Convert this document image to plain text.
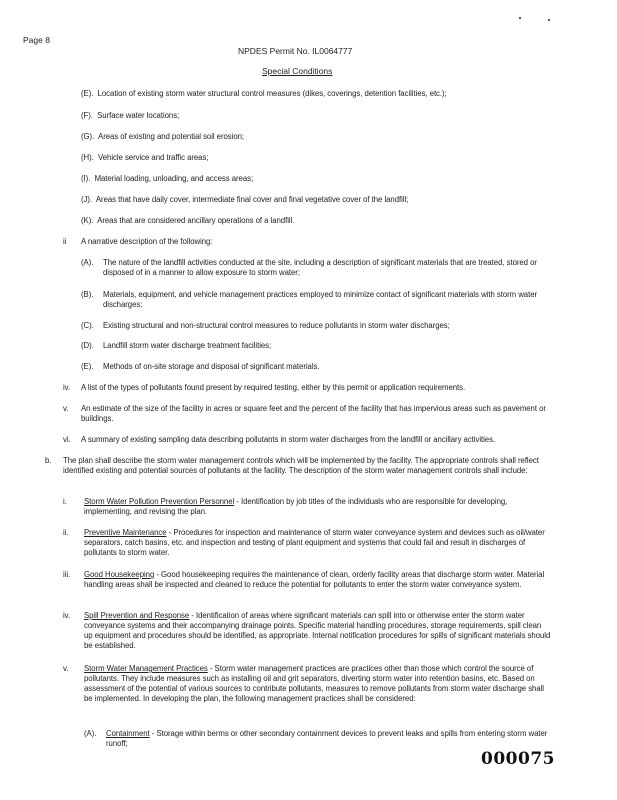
Page 8
NPDES Permit No. IL0064777
Special Conditions
(E). Location of existing storm water structural control measures (dikes, coverings, detention facilities, etc.);
(F). Surface water locations;
(G). Areas of existing and potential soil erosion;
(H). Vehicle service and traffic areas;
(I). Material loading, unloading, and access areas;
(J). Areas that have daily cover, intermediate final cover and final vegetative cover of the landfill;
(K). Areas that are considered ancillary operations of a landfill.
ii A narrative description of the following:
(A). The nature of the landfill activities conducted at the site, including a description of significant materials that are treated, stored or disposed of in a manner to allow exposure to storm water;
(B). Materials, equipment, and vehicle management practices employed to minimize contact of significant materials with storm water discharges;
(C). Existing structural and non-structural control measures to reduce pollutants in storm water discharges;
(D). Landfill storm water discharge treatment facilities;
(E). Methods of on-site storage and disposal of significant materials.
iv. A list of the types of pollutants found present by required testing, either by this permit or application requirements.
v. An estimate of the size of the facility in acres or square feet and the percent of the facility that has impervious areas such as pavement or buildings.
vi. A summary of existing sampling data describing pollutants in storm water discharges from the landfill or ancillary activities.
b. The plan shall describe the storm water management controls which will be implemented by the facility. The appropriate controls shall reflect identified existing and potential sources of pollutants at the facility. The description of the storm water management controls shall include:
i. Storm Water Pollution Prevention Personnel - Identification by job titles of the individuals who are responsible for developing, implementing, and revising the plan.
ii. Preventive Maintenance - Procedures for inspection and maintenance of storm water conveyance system and devices such as oil/water separators, catch basins, etc. and inspection and testing of plant equipment and systems that could fail and result in discharges of pollutants to storm water.
iii. Good Housekeeping - Good housekeeping requires the maintenance of clean, orderly facility areas that discharge storm water. Material handling areas shall be inspected and cleaned to reduce the potential for pollutants to enter the storm water conveyance system.
iv. Spill Prevention and Response - Identification of areas where significant materials can spill into or otherwise enter the storm water conveyance systems and their accompanying drainage points. Specific material handling procedures, storage requirements, spill clean up equipment and procedures should be identified, as appropriate. Internal notification procedures for spills of significant materials should be established.
v. Storm Water Management Practices - Storm water management practices are practices other than those which control the source of pollutants. They include measures such as installing oil and grit separators, diverting storm water into retention basins, etc. Based on assessment of the potential of various sources to contribute pollutants, measures to remove pollutants from storm water discharge shall be implemented. In developing the plan, the following management practices shall be considered:
(A). Containment - Storage within berms or other secondary containment devices to prevent leaks and spills from entering storm water runoff;
000075
